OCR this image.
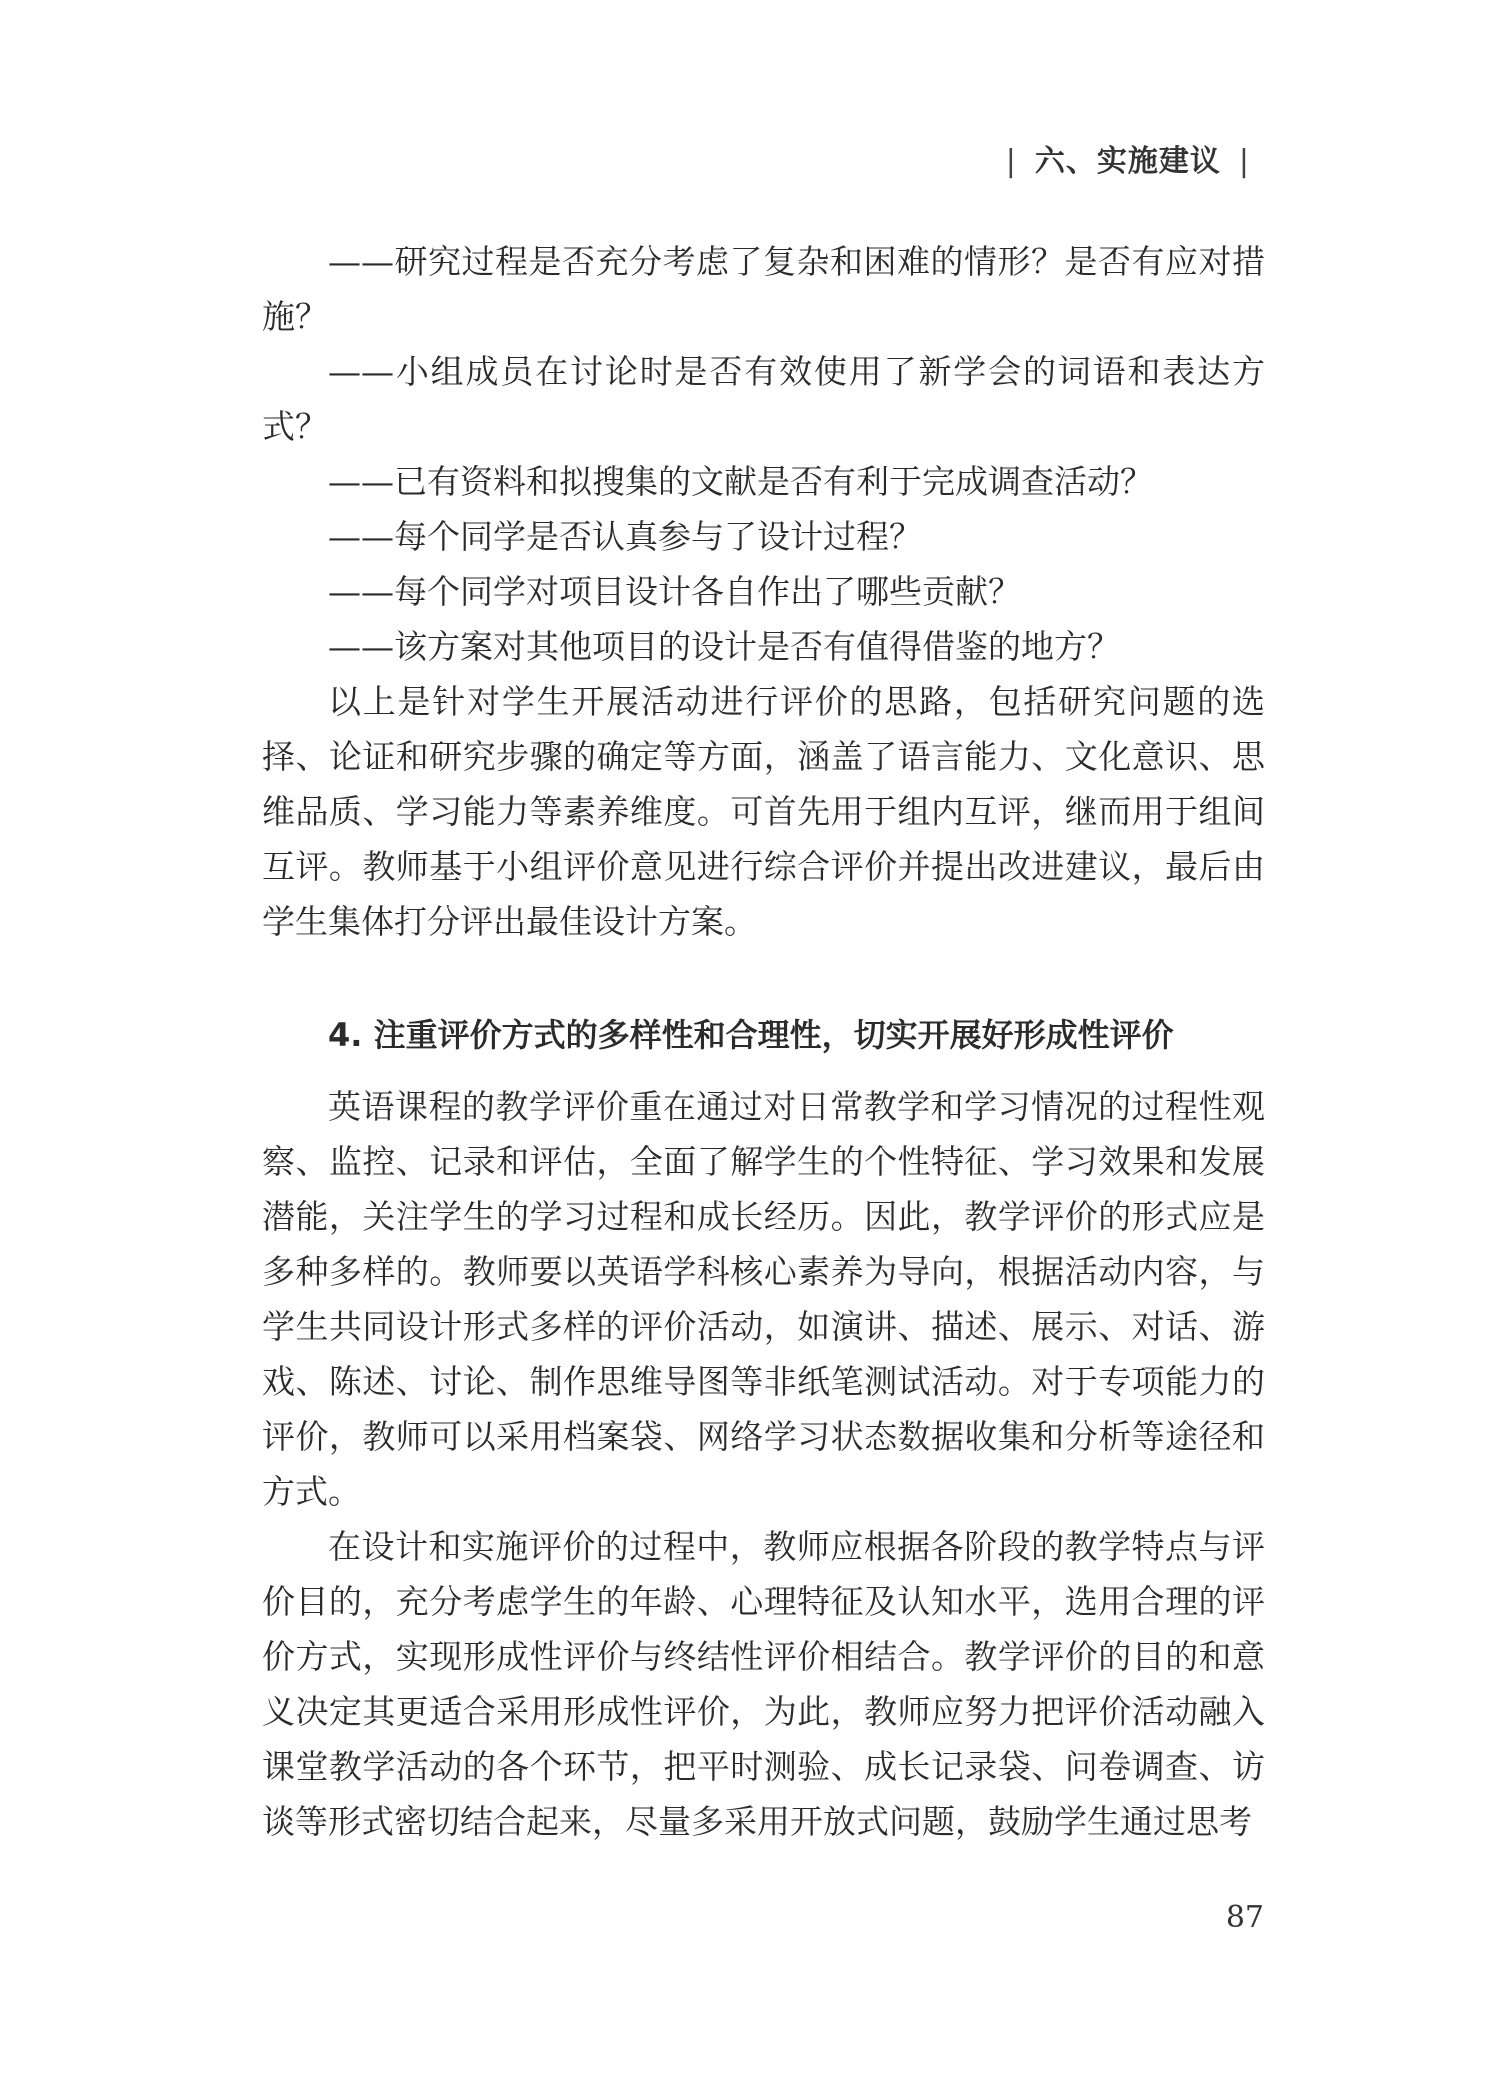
| 六、实施建议 |

——研究过程是否充分考虑了复杂和困难的情形？是否有应对措施？

——小组成员在讨论时是否有效使用了新学会的词语和表达方式？

——已有资料和拟搜集的文献是否有利于完成调查活动？

——每个同学是否认真参与了设计过程？

——每个同学对项目设计各自作出了哪些贡献？

——该方案对其他项目的设计是否有值得借鉴的地方？

以上是针对学生开展活动进行评价的思路，包括研究问题的选择、论证和研究步骤的确定等方面，涵盖了语言能力、文化意识、思维品质、学习能力等素养维度。可首先用于组内互评，继而用于组间互评。教师基于小组评价意见进行综合评价并提出改进建议，最后由学生集体打分评出最佳设计方案。

4. 注重评价方式的多样性和合理性，切实开展好形成性评价

英语课程的教学评价重在通过对日常教学和学习情况的过程性观察、监控、记录和评估，全面了解学生的个性特征、学习效果和发展潜能，关注学生的学习过程和成长经历。因此，教学评价的形式应是多种多样的。教师要以英语学科核心素养为导向，根据活动内容，与学生共同设计形式多样的评价活动，如演讲、描述、展示、对话、游戏、陈述、讨论、制作思维导图等非纸笔测试活动。对于专项能力的评价，教师可以采用档案袋、网络学习状态数据收集和分析等途径和方式。

在设计和实施评价的过程中，教师应根据各阶段的教学特点与评价目的，充分考虑学生的年龄、心理特征及认知水平，选用合理的评价方式，实现形成性评价与终结性评价相结合。教学评价的目的和意义决定其更适合采用形成性评价，为此，教师应努力把评价活动融入课堂教学活动的各个环节，把平时测验、成长记录袋、问卷调查、访谈等形式密切结合起来，尽量多采用开放式问题，鼓励学生通过思考

87
